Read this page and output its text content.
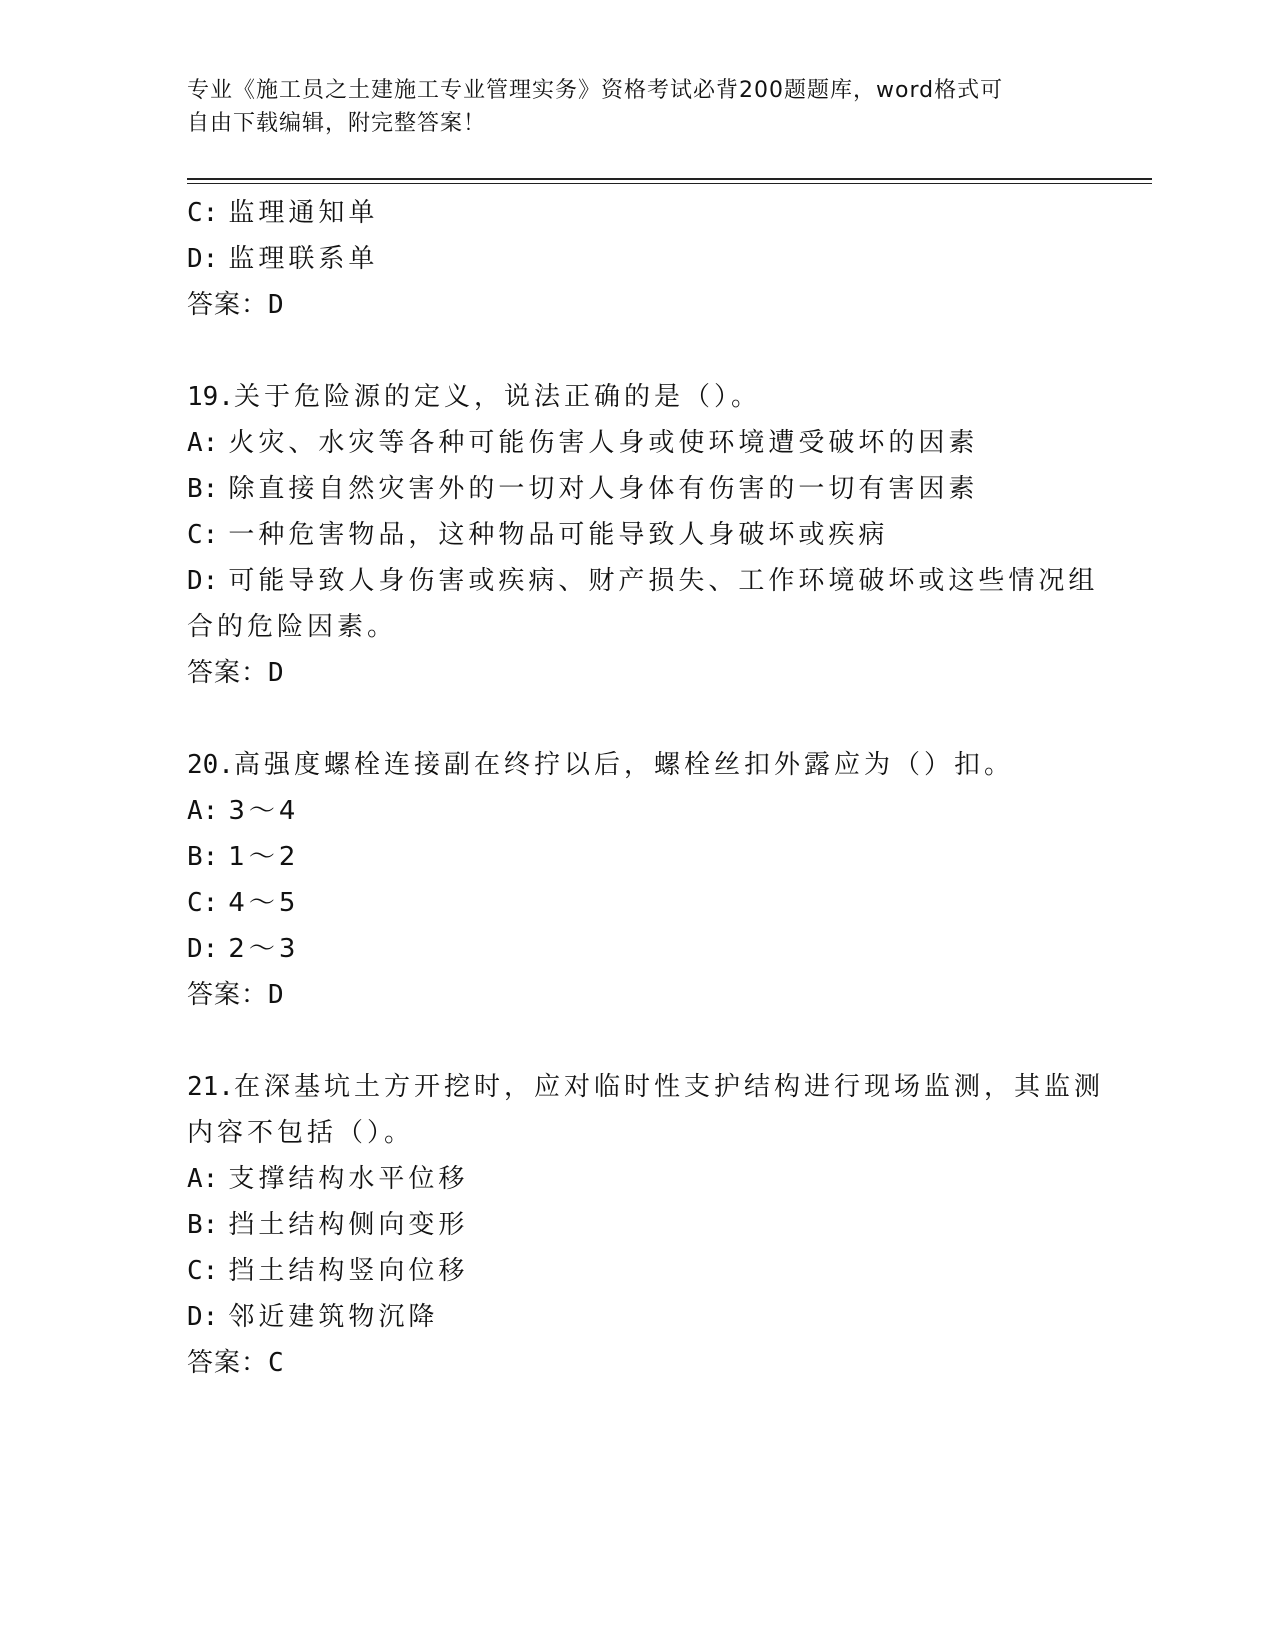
专业《施工员之土建施工专业管理实务》资格考试必背200题题库，word格式可
自由下载编辑，附完整答案！
C: 监理通知单
D: 监理联系单
答案：D
19.关于危险源的定义，说法正确的是（）。
A: 火灾、水灾等各种可能伤害人身或使环境遭受破坏的因素
B: 除直接自然灾害外的一切对人身体有伤害的一切有害因素
C: 一种危害物品，这种物品可能导致人身破坏或疾病
D: 可能导致人身伤害或疾病、财产损失、工作环境破坏或这些情况组
合的危险因素。
答案：D
20.高强度螺栓连接副在终拧以后，螺栓丝扣外露应为（）扣。
A: 3～4
B: 1～2
C: 4～5
D: 2～3
答案：D
21.在深基坑土方开挖时，应对临时性支护结构进行现场监测，其监测
内容不包括（）。
A: 支撑结构水平位移
B: 挡土结构侧向变形
C: 挡土结构竖向位移
D: 邻近建筑物沉降
答案：C
